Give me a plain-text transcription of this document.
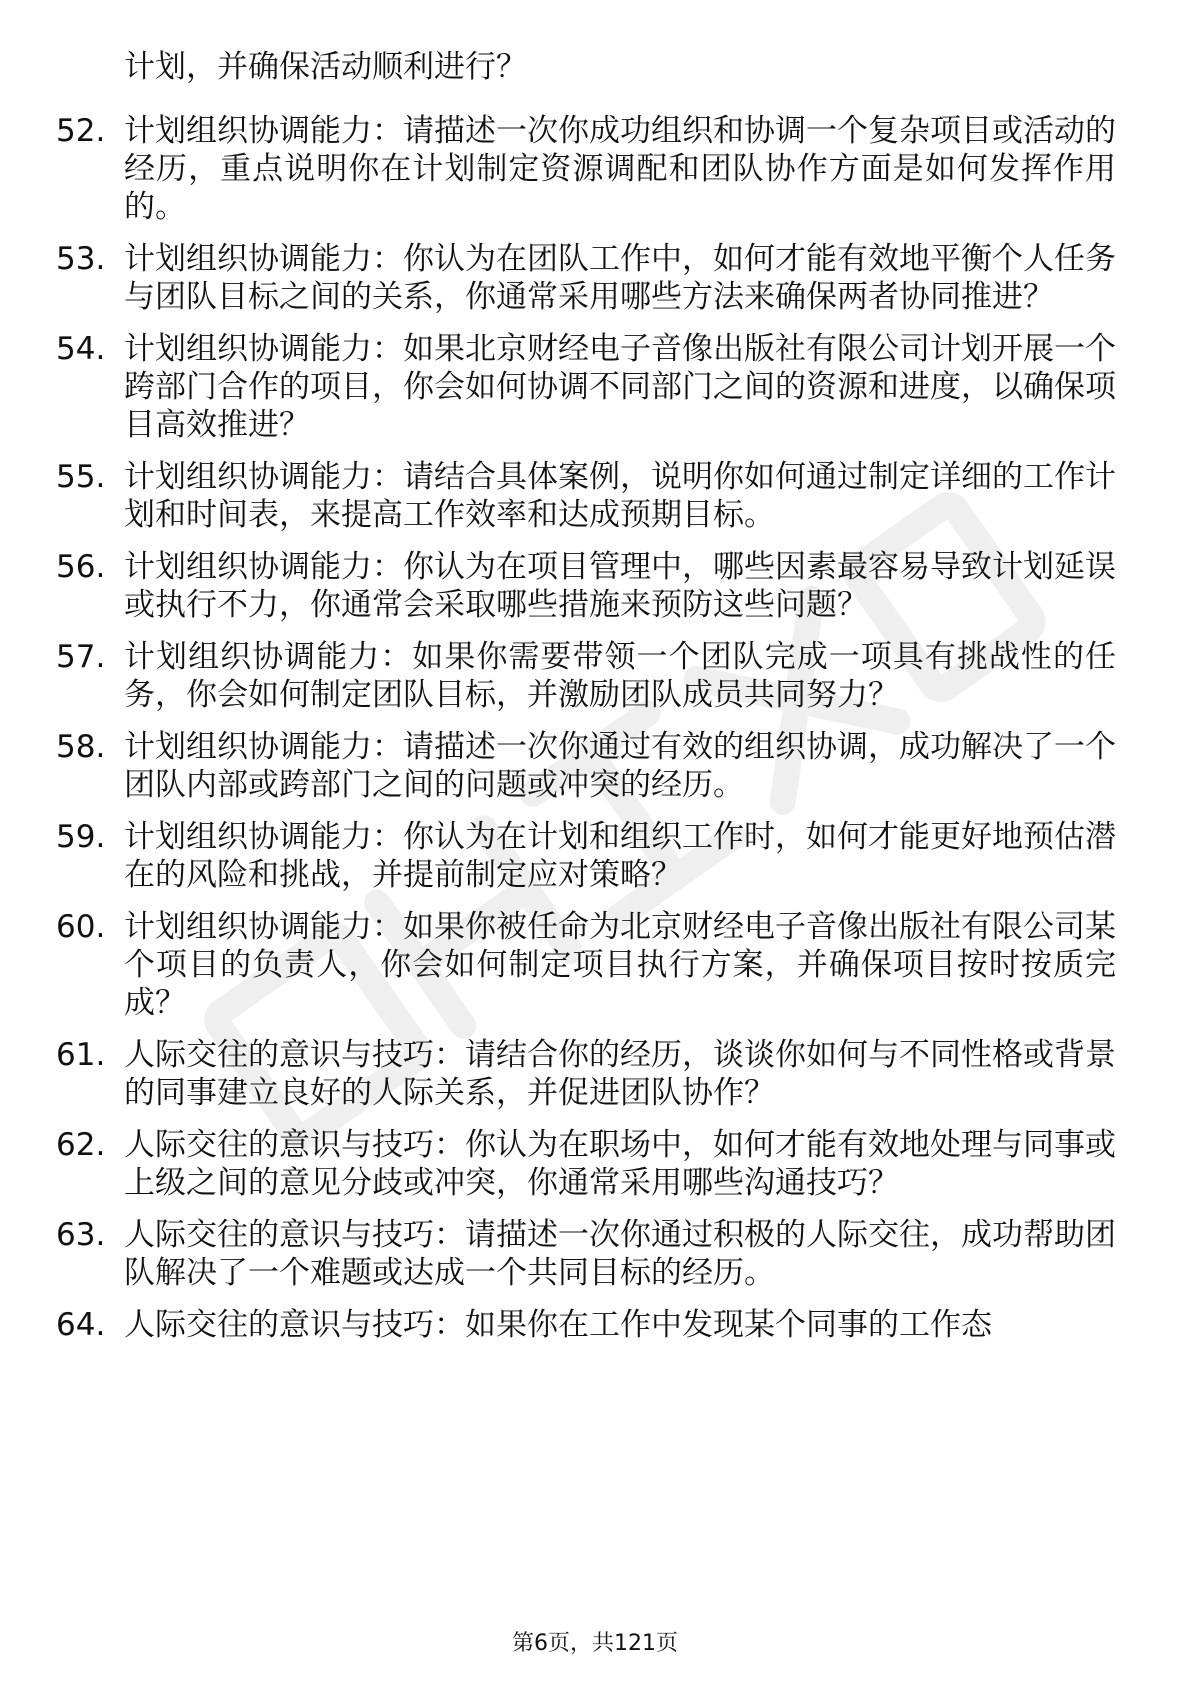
计划，并确保活动顺利进行？
52. 计划组织协调能力：请描述一次你成功组织和协调一个复杂项目或活动的经历，重点说明你在计划制定资源调配和团队协作方面是如何发挥作用的。
53. 计划组织协调能力：你认为在团队工作中，如何才能有效地平衡个人任务与团队目标之间的关系，你通常采用哪些方法来确保两者协同推进？
54. 计划组织协调能力：如果北京财经电子音像出版社有限公司计划开展一个跨部门合作的项目，你会如何协调不同部门之间的资源和进度，以确保项目高效推进？
55. 计划组织协调能力：请结合具体案例，说明你如何通过制定详细的工作计划和时间表，来提高工作效率和达成预期目标。
56. 计划组织协调能力：你认为在项目管理中，哪些因素最容易导致计划延误或执行不力，你通常会采取哪些措施来预防这些问题？
57. 计划组织协调能力：如果你需要带领一个团队完成一项具有挑战性的任务，你会如何制定团队目标，并激励团队成员共同努力？
58. 计划组织协调能力：请描述一次你通过有效的组织协调，成功解决了一个团队内部或跨部门之间的问题或冲突的经历。
59. 计划组织协调能力：你认为在计划和组织工作时，如何才能更好地预估潜在的风险和挑战，并提前制定应对策略？
60. 计划组织协调能力：如果你被任命为北京财经电子音像出版社有限公司某个项目的负责人，你会如何制定项目执行方案，并确保项目按时按质完成？
61. 人际交往的意识与技巧：请结合你的经历，谈谈你如何与不同性格或背景的同事建立良好的人际关系，并促进团队协作？
62. 人际交往的意识与技巧：你认为在职场中，如何才能有效地处理与同事或上级之间的意见分歧或冲突，你通常采用哪些沟通技巧？
63. 人际交往的意识与技巧：请描述一次你通过积极的人际交往，成功帮助团队解决了一个难题或达成一个共同目标的经历。
64. 人际交往的意识与技巧：如果你在工作中发现某个同事的工作态
第6页，共121页
